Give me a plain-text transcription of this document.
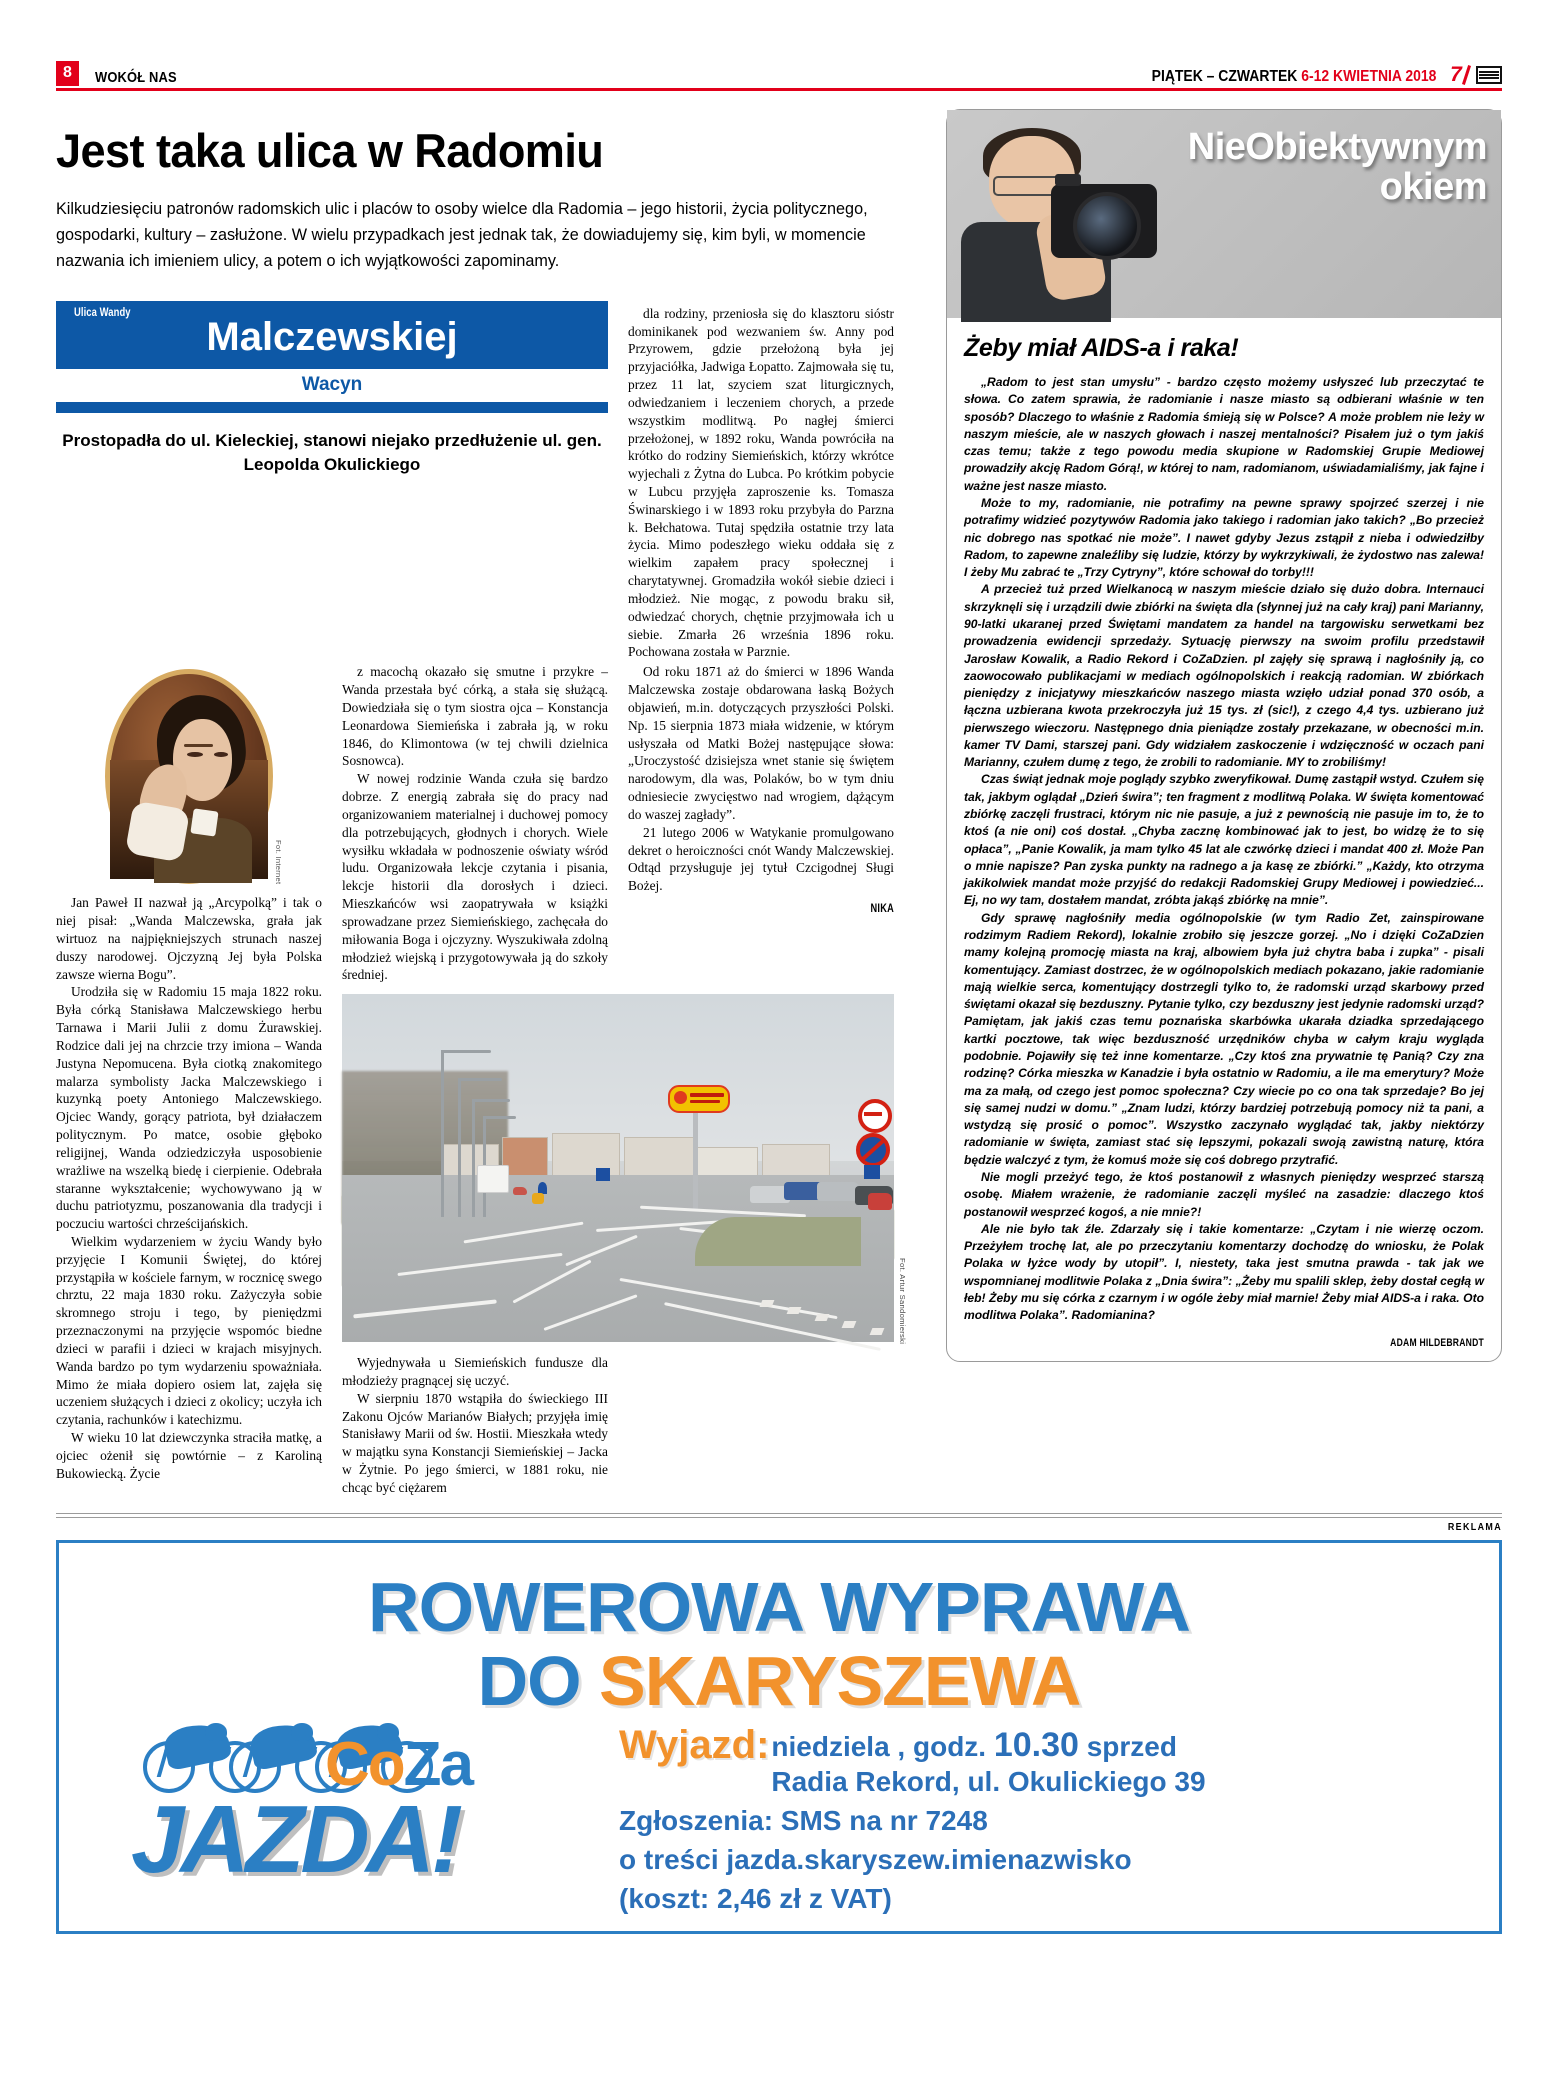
8	WOKÓŁ NAS	PIĄTEK – CZWARTEK 6-12 KWIETNIA 2018 7
Jest taka ulica w Radomiu
Kilkudziesięciu patronów radomskich ulic i placów to osoby wielce dla Radomia – jego historii, życia politycznego, gospodarki, kultury – zasłużone. W wielu przypadkach jest jednak tak, że dowiadujemy się, kim byli, w momencie nazwania ich imieniem ulicy, a potem o ich wyjątkowości zapominamy.
Ulica Wandy
Malczewskiej
Wacyn
Prostopadła do ul. Kieleckiej, stanowi niejako przedłużenie ul. gen. Leopolda Okulickiego

dla rodziny, przeniosła się do klasztoru sióstr dominikanek pod wezwaniem św. Anny pod Przyrowem, gdzie przełożoną była jej przyjaciółka, Jadwiga Łopatto. Zajmowała się tu, przez 11 lat, szyciem szat liturgicznych, odwiedzaniem i leczeniem chorych, a przede wszystkim modlitwą. Po nagłej śmierci przełożonej, w 1892 roku, Wanda powróciła na krótko do rodziny Siemieńskich, którzy wkrótce wyjechali z Żytna do Lubca. Po krótkim pobycie w Lubcu przyjęła zaproszenie ks. Tomasza Świnarskiego i w 1893 roku przybyła do Parzna k. Bełchatowa. Tutaj spędziła ostatnie trzy lata życia. Mimo podeszłego wieku oddała się z wielkim zapałem pracy społecznej i charytatywnej. Gromadziła wokół siebie dzieci i młodzież. Nie mogąc, z powodu braku sił, odwiedzać chorych, chętnie przyjmowała ich u siebie. Zmarła 26 września 1896 roku. Pochowana została w Parznie.

Fot. Internet

Jan Paweł II nazwał ją „Arcypolką” i tak o niej pisał: „Wanda Malczewska, grała jak wirtuoz na najpiękniejszych strunach naszej duszy narodowej. Ojczyzną Jej była Polska zawsze wierna Bogu”.

Urodziła się w Radomiu 15 maja 1822 roku. Była córką Stanisława Malczewskiego herbu Tarnawa i Marii Julii z domu Żurawskiej. Rodzice dali jej na chrzcie trzy imiona – Wanda Justyna Nepomucena. Była ciotką znakomitego malarza symbolisty Jacka Malczewskiego i kuzynką poety Antoniego Malczewskiego. Ojciec Wandy, gorący patriota, był działaczem politycznym. Po matce, osobie głęboko religijnej, Wanda odziedziczyła usposobienie wrażliwe na wszelką biedę i cierpienie. Odebrała staranne wykształcenie; wychowywano ją w duchu patriotyzmu, poszanowania dla tradycji i poczuciu wartości chrześcijańskich.

Wielkim wydarzeniem w życiu Wandy było przyjęcie I Komunii Świętej, do której przystąpiła w kościele farnym, w rocznicę swego chrztu, 22 maja 1830 roku. Zażyczyła sobie skromnego stroju i tego, by pieniędzmi przeznaczonymi na przyjęcie wspomóc biedne dzieci w parafii i dzieci w krajach misyjnych. Wanda bardzo po tym wydarzeniu spoważniała. Mimo że miała dopiero osiem lat, zajęła się uczeniem służących i dzieci z okolicy; uczyła ich czytania, rachunków i katechizmu.

W wieku 10 lat dziewczynka straciła matkę, a ojciec ożenił się powtórnie – z Karoliną Bukowiecką. Życie

z macochą okazało się smutne i przykre – Wanda przestała być córką, a stała się służącą. Dowiedziała się o tym siostra ojca – Konstancja Leonardowa Siemieńska i zabrała ją, w roku 1846, do Klimontowa (w tej chwili dzielnica Sosnowca).

W nowej rodzinie Wanda czuła się bardzo dobrze. Z energią zabrała się do pracy nad organizowaniem materialnej i duchowej pomocy dla potrzebujących, głodnych i chorych. Wiele wysiłku wkładała w podnoszenie oświaty wśród ludu. Organizowała lekcje czytania i pisania, lekcje historii dla dorosłych i dzieci. Mieszkańców wsi zaopatrywała w książki sprowadzane przez Siemieńskiego, zachęcała do miłowania Boga i ojczyzny. Wyszukiwała zdolną młodzież wiejską i przygotowywała ją do szkoły średniej.

Fot. Artur Sandomierski

Wyjednywała u Siemieńskich fundusze dla młodzieży pragnącej się uczyć.

W sierpniu 1870 wstąpiła do świeckiego III Zakonu Ojców Marianów Białych; przyjęła imię Stanisławy Marii od św. Hostii. Mieszkała wtedy w majątku syna Konstancji Siemieńskiej – Jacka w Żytnie. Po jego śmierci, w 1881 roku, nie chcąc być ciężarem

Od roku 1871 aż do śmierci w 1896 Wanda Malczewska zostaje obdarowana łaską Bożych objawień, m.in. dotyczących przyszłości Polski. Np. 15 sierpnia 1873 miała widzenie, w którym usłyszała od Matki Bożej następujące słowa: „Uroczystość dzisiejsza wnet stanie się świętem narodowym, dla was, Polaków, bo w tym dniu odniesiecie zwycięstwo nad wrogiem, dążącym do waszej zagłady”.

21 lutego 2006 w Watykanie promulgowano dekret o heroiczności cnót Wandy Malczewskiej. Odtąd przysługuje jej tytuł Czcigodnej Sługi Bożej.

NIKA
NieObiektywnym
okiem
Żeby miał AIDS-a i raka!

„Radom to jest stan umysłu” - bardzo często możemy usłyszeć lub przeczytać te słowa. Co zatem sprawia, że radomianie i nasze miasto są odbierani właśnie w ten sposób? Dlaczego to właśnie z Radomia śmieją się w Polsce? A może problem nie leży w naszym mieście, ale w naszych głowach i naszej mentalności? Pisałem już o tym jakiś czas temu; także z tego powodu media skupione w Radomskiej Grupie Mediowej prowadziły akcję Radom Górą!, w której to nam, radomianom, uświadamialiśmy, jak fajne i ważne jest nasze miasto.

Może to my, radomianie, nie potrafimy na pewne sprawy spojrzeć szerzej i nie potrafimy widzieć pozytywów Radomia jako takiego i radomian jako takich? „Bo przecież nic dobrego nas spotkać nie może”. I nawet gdyby Jezus zstąpił z nieba i odwiedziłby Radom, to zapewne znaleźliby się ludzie, którzy by wykrzykiwali, że żydostwo nas zalewa! I żeby Mu zabrać te „Trzy Cytryny”, które schował do torby!!!

A przecież tuż przed Wielkanocą w naszym mieście działo się dużo dobra. Internauci skrzyknęli się i urządzili dwie zbiórki na święta dla (słynnej już na cały kraj) pani Marianny, 90-latki ukaranej przed Świętami mandatem za handel na targowisku serwetkami bez prowadzenia ewidencji sprzedaży. Sytuację pierwszy na swoim profilu przedstawił Jarosław Kowalik, a Radio Rekord i CoZaDzien. pl zajęły się sprawą i nagłośniły ją, co zaowocowało publikacjami w mediach ogólnopolskich i reakcją radomian. W zbiórkach pieniędzy z inicjatywy mieszkańców naszego miasta wzięło udział ponad 370 osób, a łączna uzbierana kwota przekroczyła już 15 tys. zł (sic!), z czego 4,4 tys. uzbierano już pierwszego wieczoru. Następnego dnia pieniądze zostały przekazane, w obecności m.in. kamer TV Dami, starszej pani. Gdy widziałem zaskoczenie i wdzięczność w oczach pani Marianny, czułem dumę z tego, że zrobili to radomianie. MY to zrobiliśmy!

Czas świąt jednak moje poglądy szybko zweryfikował. Dumę zastąpił wstyd. Czułem się tak, jakbym oglądał „Dzień świra”; ten fragment z modlitwą Polaka. W święta komentować zbiórkę zaczęli frustraci, którym nic nie pasuje, a już z pewnością nie pasuje im to, że to ktoś (a nie oni) coś dostał. „Chyba zacznę kombinować jak to jest, bo widzę że to się opłaca”, „Panie Kowalik, ja mam tylko 45 lat ale czwórkę dzieci i mandat 400 zł. Może Pan o mnie napisze? Pan zyska punkty na radnego a ja kasę ze zbiórki.” „Każdy, kto otrzyma jakikolwiek mandat może przyjść do redakcji Radomskiej Grupy Mediowej i powiedzieć... Ej, no wy tam, dostałem mandat, zróbta jakąś zbiórkę na mnie”.

Gdy sprawę nagłośniły media ogólnopolskie (w tym Radio Zet, zainspirowane rodzimym Radiem Rekord), lokalnie zrobiło się jeszcze gorzej. „No i dzięki CoZaDzien mamy kolejną promocję miasta na kraj, albowiem była już chytra baba i zupka” - pisali komentujący. Zamiast dostrzec, że w ogólnopolskich mediach pokazano, jakie radomianie mają wielkie serca, komentujący dostrzegli tylko to, że radomski urząd skarbowy przed świętami okazał się bezduszny. Pytanie tylko, czy bezduszny jest jedynie radomski urząd? Pamiętam, jak jakiś czas temu poznańska skarbówka ukarała dziadka sprzedającego kartki pocztowe, tak więc bezduszność urzędników chyba w całym kraju wygląda podobnie. Pojawiły się też inne komentarze. „Czy ktoś zna prywatnie tę Panią? Czy zna rodzinę? Córka mieszka w Kanadzie i była ostatnio w Radomiu, a ile ma emerytury? Może ma za małą, od czego jest pomoc społeczna? Czy wiecie po co ona tak sprzedaje? Bo jej się samej nudzi w domu.” „Znam ludzi, którzy bardziej potrzebują pomocy niż ta pani, a wstydzą się prosić o pomoc”. Wszystko zaczynało wyglądać tak, jakby niektórzy radomianie w święta, zamiast stać się lepszymi, pokazali swoją zawistną naturę, która będzie walczyć z tym, że komuś może się coś dobrego przytrafić.

Nie mogli przeżyć tego, że ktoś postanowił z własnych pieniędzy wesprzeć starszą osobę. Miałem wrażenie, że radomianie zaczęli myśleć na zasadzie: dlaczego ktoś postanowił wesprzeć kogoś, a nie mnie?!

Ale nie było tak źle. Zdarzały się i takie komentarze: „Czytam i nie wierzę oczom. Przeżyłem trochę lat, ale po przeczytaniu komentarzy dochodzę do wniosku, że Polak Polaka w łyżce wody by utopił”. I, niestety, taka jest smutna prawda - tak jak we wspomnianej modlitwie Polaka z „Dnia świra”: „Żeby mu spalili sklep, żeby dostał cegłą w łeb! Żeby mu się córka z czarnym i w ogóle żeby miał marnie! Żeby miał AIDS-a i raka. Oto modlitwa Polaka”. Radomianina?

ADAM HILDEBRANDT
REKLAMA
ROWEROWA WYPRAWA
DO SKARYSZEWA
CoZa
JAZDA!
Wyjazd: niedziela , godz. 10.30 sprzed
Radia Rekord, ul. Okulickiego 39
Zgłoszenia: SMS na nr 7248
o treści jazda.skaryszew.imienazwisko
(koszt: 2,46 zł z VAT)
